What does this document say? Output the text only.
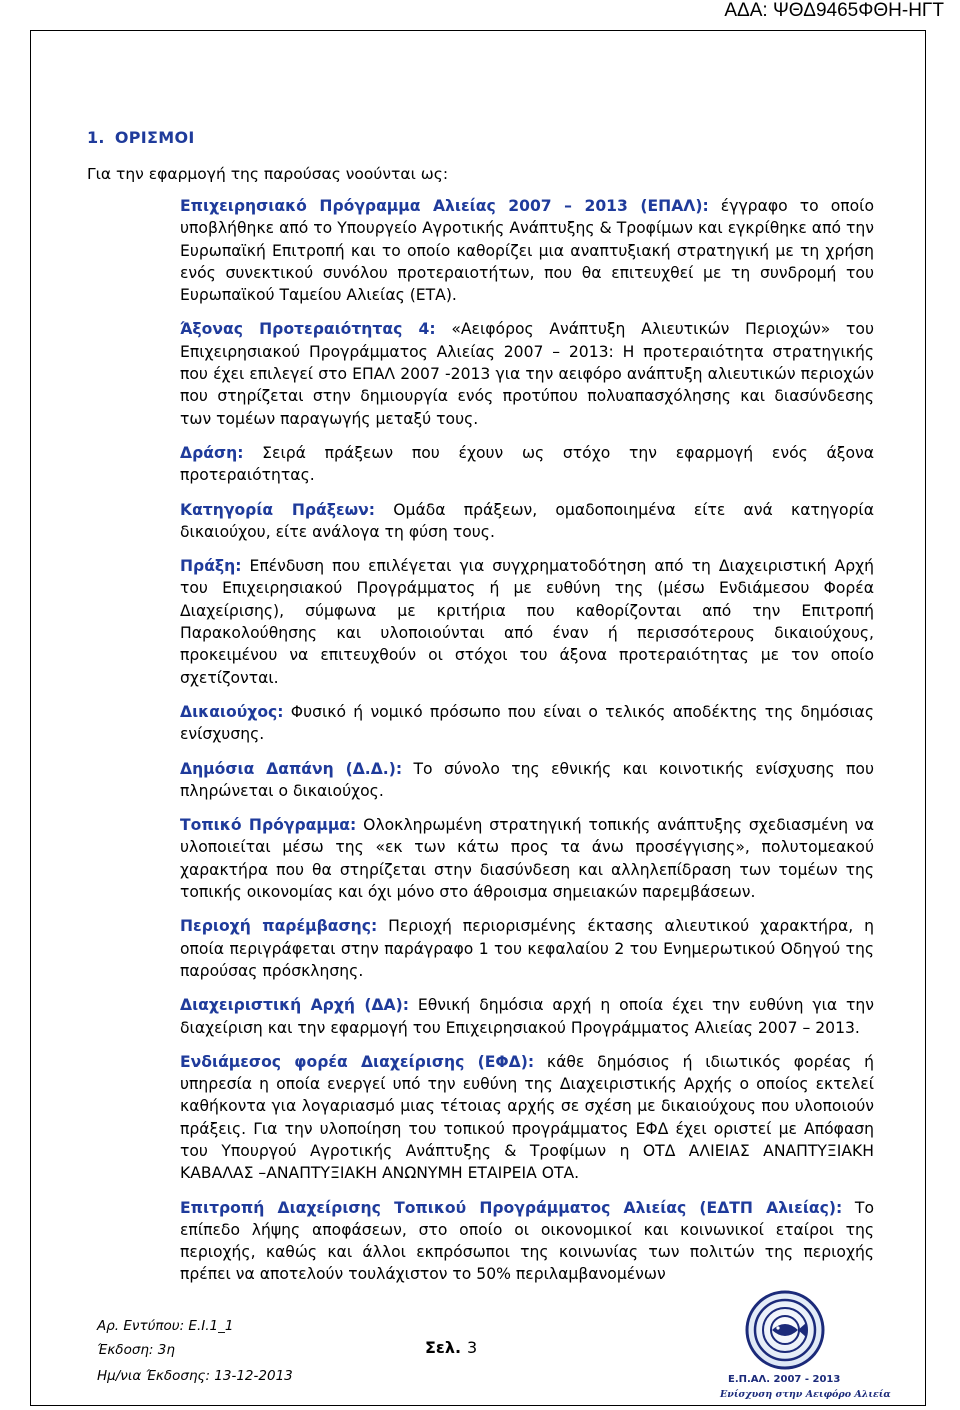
ΑΔΑ: ΨΘΔ9465ΦΘΗ-ΗΓΤ
1. ΟΡΙΣΜΟΙ
Για την εφαρμογή της παρούσας νοούνται ως:

Επιχειρησιακό Πρόγραμμα Αλιείας 2007 – 2013 (ΕΠΑΛ): έγγραφο το οποίο υποβλήθηκε από το Υπουργείο Αγροτικής Ανάπτυξης & Τροφίμων και εγκρίθηκε από την Ευρωπαϊκή Επιτροπή και το οποίο καθορίζει μια αναπτυξιακή στρατηγική με τη χρήση ενός συνεκτικού συνόλου προτεραιοτήτων, που θα επιτευχθεί με τη συνδρομή του Ευρωπαϊκού Ταμείου Αλιείας (ΕΤΑ).

Άξονας Προτεραιότητας 4: «Αειφόρος Ανάπτυξη Αλιευτικών Περιοχών» του Επιχειρησιακού Προγράμματος Αλιείας 2007 – 2013: Η προτεραιότητα στρατηγικής που έχει επιλεγεί στο ΕΠΑΛ 2007 -2013 για την αειφόρο ανάπτυξη αλιευτικών περιοχών που στηρίζεται στην δημιουργία ενός προτύπου πολυαπασχόλησης και διασύνδεσης των τομέων παραγωγής μεταξύ τους.

Δράση: Σειρά πράξεων που έχουν ως στόχο την εφαρμογή ενός άξονα προτεραιότητας.

Κατηγορία Πράξεων: Ομάδα πράξεων, ομαδοποιημένα είτε ανά κατηγορία δικαιούχου, είτε ανάλογα τη φύση τους.

Πράξη: Επένδυση που επιλέγεται για συγχρηματοδότηση από τη Διαχειριστική Αρχή του Επιχειρησιακού Προγράμματος ή με ευθύνη της (μέσω Ενδιάμεσου Φορέα Διαχείρισης), σύμφωνα με κριτήρια που καθορίζονται από την Επιτροπή Παρακολούθησης και υλοποιούνται από έναν ή περισσότερους δικαιούχους, προκειμένου να επιτευχθούν οι στόχοι του άξονα προτεραιότητας με τον οποίο σχετίζονται.

Δικαιούχος: Φυσικό ή νομικό πρόσωπο που είναι ο τελικός αποδέκτης της δημόσιας ενίσχυσης.

Δημόσια Δαπάνη (Δ.Δ.): Το σύνολο της εθνικής και κοινοτικής ενίσχυσης που πληρώνεται ο δικαιούχος.

Τοπικό Πρόγραμμα: Ολοκληρωμένη στρατηγική τοπικής ανάπτυξης σχεδιασμένη να υλοποιείται μέσω της «εκ των κάτω προς τα άνω προσέγγισης», πολυτομεακού χαρακτήρα που θα στηρίζεται στην διασύνδεση και αλληλεπίδραση των τομέων της τοπικής οικονομίας και όχι μόνο στο άθροισμα σημειακών παρεμβάσεων.

Περιοχή παρέμβασης: Περιοχή περιορισμένης έκτασης αλιευτικού χαρακτήρα, η οποία περιγράφεται στην παράγραφο 1 του κεφαλαίου 2 του Ενημερωτικού Οδηγού της παρούσας πρόσκλησης.

Διαχειριστική Αρχή (ΔΑ): Εθνική δημόσια αρχή η οποία έχει την ευθύνη για την διαχείριση και την εφαρμογή του Επιχειρησιακού Προγράμματος Αλιείας 2007 – 2013.

Ενδιάμεσος φορέα Διαχείρισης (ΕΦΔ): κάθε δημόσιος ή ιδιωτικός φορέας ή υπηρεσία η οποία ενεργεί υπό την ευθύνη της Διαχειριστικής Αρχής ο οποίος εκτελεί καθήκοντα για λογαριασμό μιας τέτοιας αρχής σε σχέση με δικαιούχους που υλοποιούν πράξεις. Για την υλοποίηση του τοπικού προγράμματος ΕΦΔ έχει οριστεί με Απόφαση του Υπουργού Αγροτικής Ανάπτυξης & Τροφίμων η ΟΤΔ ΑΛΙΕΙΑΣ ΑΝΑΠΤΥΞΙΑΚΗ ΚΑΒΑΛΑΣ –ΑΝΑΠΤΥΞΙΑΚΗ ΑΝΩΝΥΜΗ ΕΤΑΙΡΕΙΑ ΟΤΑ.

Επιτροπή Διαχείρισης Τοπικού Προγράμματος Αλιείας (ΕΔΤΠ Αλιείας): Το επίπεδο λήψης αποφάσεων, στο οποίο οι οικονομικοί και κοινωνικοί εταίροι της περιοχής, καθώς και άλλοι εκπρόσωποι της κοινωνίας των πολιτών της περιοχής πρέπει να αποτελούν τουλάχιστον το 50% περιλαμβανομένων

Αρ. Εντύπου: Ε.Ι.1_1
Έκδοση: 3η
Ημ/νια Έκδοσης: 13-12-2013
Σελ. 3
Ε.Π.ΑΛ. 2007 - 2013
Ενίσχυση στην Αειφόρο Αλιεία
